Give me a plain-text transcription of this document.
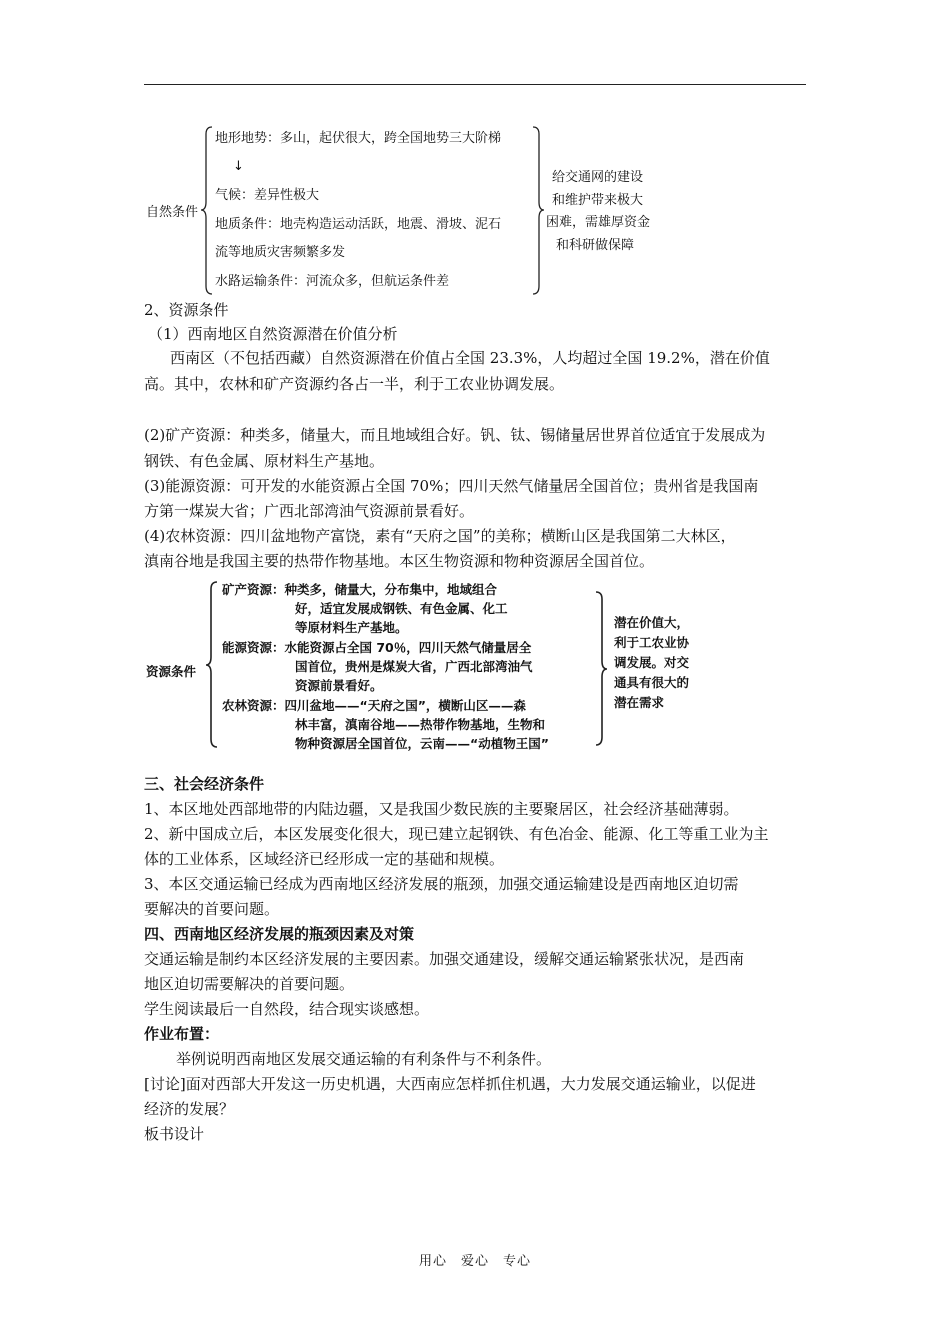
自然条件
地形地势：多山，起伏很大，跨全国地势三大阶梯
↓
气候：差异性极大
地质条件：地壳构造运动活跃，地震、滑坡、泥石
流等地质灾害频繁多发
水路运输条件：河流众多，但航运条件差
给交通网的建设
和维护带来极大
困难，需雄厚资金
和科研做保障
2、资源条件
（1）西南地区自然资源潜在价值分析
西南区（不包括西藏）自然资源潜在价值占全国 23.3%，人均超过全国 19.2%，潜在价值
高。其中，农林和矿产资源约各占一半，利于工农业协调发展。
(2)矿产资源：种类多，储量大，而且地域组合好。钒、钛、锡储量居世界首位适宜于发展成为
钢铁、有色金属、原材料生产基地。
(3)能源资源：可开发的水能资源占全国 70%；四川天然气储量居全国首位；贵州省是我国南
方第一煤炭大省；广西北部湾油气资源前景看好。
(4)农林资源：四川盆地物产富饶，素有“天府之国”的美称；横断山区是我国第二大林区，
滇南谷地是我国主要的热带作物基地。本区生物资源和物种资源居全国首位。
资源条件
矿产资源：种类多，储量大，分布集中，地域组合
好，适宜发展成钢铁、有色金属、化工
等原材料生产基地。
能源资源：水能资源占全国 70％，四川天然气储量居全
国首位，贵州是煤炭大省，广西北部湾油气
资源前景看好。
农林资源：四川盆地——“天府之国”，横断山区——森
林丰富，滇南谷地——热带作物基地，生物和
物种资源居全国首位，云南——“动植物王国”
潜在价值大，
利于工农业协
调发展。对交
通具有很大的
潜在需求
三、社会经济条件
1、本区地处西部地带的内陆边疆，又是我国少数民族的主要聚居区，社会经济基础薄弱。
2、新中国成立后，本区发展变化很大，现已建立起钢铁、有色冶金、能源、化工等重工业为主
体的工业体系，区域经济已经形成一定的基础和规模。
3、本区交通运输已经成为西南地区经济发展的瓶颈，加强交通运输建设是西南地区迫切需
要解决的首要问题。
四、西南地区经济发展的瓶颈因素及对策
交通运输是制约本区经济发展的主要因素。加强交通建设，缓解交通运输紧张状况，是西南
地区迫切需要解决的首要问题。
学生阅读最后一自然段，结合现实谈感想。
作业布置：
举例说明西南地区发展交通运输的有利条件与不利条件。
[讨论]面对西部大开发这一历史机遇，大西南应怎样抓住机遇，大力发展交通运输业，以促进
经济的发展？
板书设计
用心　爱心　专心
